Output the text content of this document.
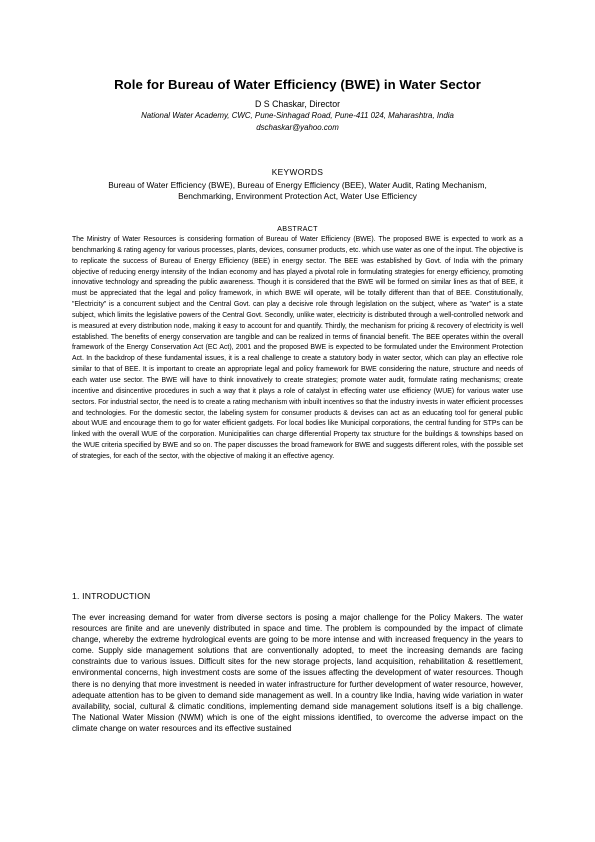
Role for Bureau of Water Efficiency (BWE) in Water Sector
D S Chaskar, Director
National Water Academy, CWC, Pune-Sinhagad Road, Pune-411 024, Maharashtra, India
dschaskar@yahoo.com
KEYWORDS
Bureau of Water Efficiency (BWE), Bureau of Energy Efficiency (BEE), Water Audit, Rating Mechanism, Benchmarking, Environment Protection Act, Water Use Efficiency
ABSTRACT

The Ministry of Water Resources is considering formation of Bureau of Water Efficiency (BWE). The proposed BWE is expected to work as a benchmarking & rating agency for various processes, plants, devices, consumer products, etc. which use water as one of the input. The objective is to replicate the success of Bureau of Energy Efficiency (BEE) in energy sector. The BEE was established by Govt. of India with the primary objective of reducing energy intensity of the Indian economy and has played a pivotal role in formulating strategies for energy efficiency, promoting innovative technology and spreading the public awareness. Though it is considered that the BWE will be formed on similar lines as that of BEE, it must be appreciated that the legal and policy framework, in which BWE will operate, will be totally different than that of BEE. Constitutionally, "Electricity" is a concurrent subject and the Central Govt. can play a decisive role through legislation on the subject, where as "water" is a state subject, which limits the legislative powers of the Central Govt. Secondly, unlike water, electricity is distributed through a well-controlled network and is measured at every distribution node, making it easy to account for and quantify. Thirdly, the mechanism for pricing & recovery of electricity is well established. The benefits of energy conservation are tangible and can be realized in terms of financial benefit. The BEE operates within the overall framework of the Energy Conservation Act (EC Act), 2001 and the proposed BWE is expected to be formulated under the Environment Protection Act. In the backdrop of these fundamental issues, it is a real challenge to create a statutory body in water sector, which can play an effective role similar to that of BEE. It is important to create an appropriate legal and policy framework for BWE considering the nature, structure and needs of each water use sector. The BWE will have to think innovatively to create strategies; promote water audit, formulate rating mechanisms; create incentive and disincentive procedures in such a way that it plays a role of catalyst in effecting water use efficiency (WUE) for various water use sectors. For industrial sector, the need is to create a rating mechanism with inbuilt incentives so that the industry invests in water efficient processes and technologies. For the domestic sector, the labeling system for consumer products & devises can act as an educating tool for general public about WUE and encourage them to go for water efficient gadgets. For local bodies like Municipal corporations, the central funding for STPs can be linked with the overall WUE of the corporation. Municipalities can charge differential Property tax structure for the buildings & townships based on the WUE criteria specified by BWE and so on. The paper discusses the broad framework for BWE and suggests different roles, with the possible set of strategies, for each of the sector, with the objective of making it an effective agency.

1. INTRODUCTION

The ever increasing demand for water from diverse sectors is posing a major challenge for the Policy Makers. The water resources are finite and are unevenly distributed in space and time. The problem is compounded by the impact of climate change, whereby the extreme hydrological events are going to be more intense and with increased frequency in the years to come. Supply side management solutions that are conventionally adopted, to meet the increasing demands are facing constraints due to various issues. Difficult sites for the new storage projects, land acquisition, rehabilitation & resettlement, environmental concerns, high investment costs are some of the issues affecting the development of water resources. Though there is no denying that more investment is needed in water infrastructure for further development of water resource, however, adequate attention has to be given to demand side management as well. In a country like India, having wide variation in water availability, social, cultural & climatic conditions, implementing demand side management solutions itself is a big challenge. The National Water Mission (NWM) which is one of the eight missions identified, to overcome the adverse impact on the climate change on water resources and its effective sustained
